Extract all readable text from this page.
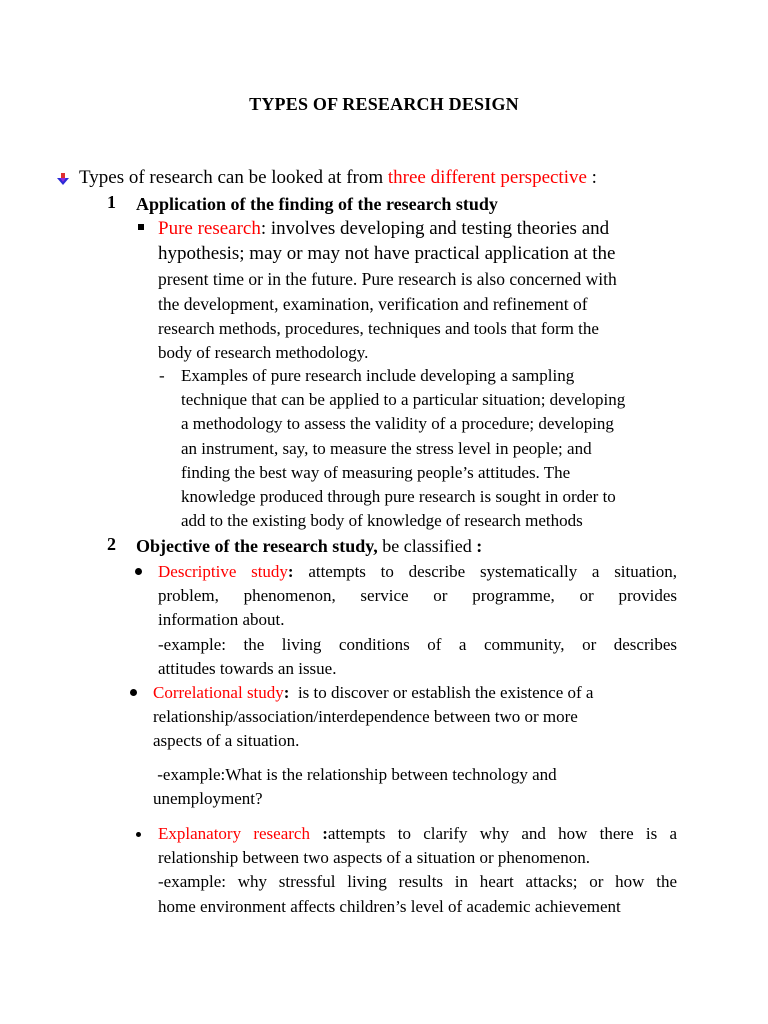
TYPES OF RESEARCH DESIGN
Types of research can be looked at from three different perspective :
1 Application of the finding of the research study
Pure research: involves developing and testing theories and
hypothesis; may or may not have practical application at the
present time or in the future. Pure research is also concerned with
the development, examination, verification and refinement of
research methods, procedures, techniques and tools that form the
body of research methodology.
- Examples of pure research include developing a sampling
technique that can be applied to a particular situation; developing
a methodology to assess the validity of a procedure; developing
an instrument, say, to measure the stress level in people; and
finding the best way of measuring people’s attitudes. The
knowledge produced through pure research is sought in order to
add to the existing body of knowledge of research methods
2 Objective of the research study, be classified :
Descriptive study: attempts to describe systematically a situation,
problem, phenomenon, service or programme, or provides
information about.
-example: the living conditions of a community, or describes
attitudes towards an issue.
Correlational study:  is to discover or establish the existence of a
relationship/association/interdependence between two or more
aspects of a situation.
-example:What is the relationship between technology and
unemployment?
Explanatory research :attempts to clarify why and how there is a
relationship between two aspects of a situation or phenomenon.
-example: why stressful living results in heart attacks; or how the
home environment affects children’s level of academic achievement
